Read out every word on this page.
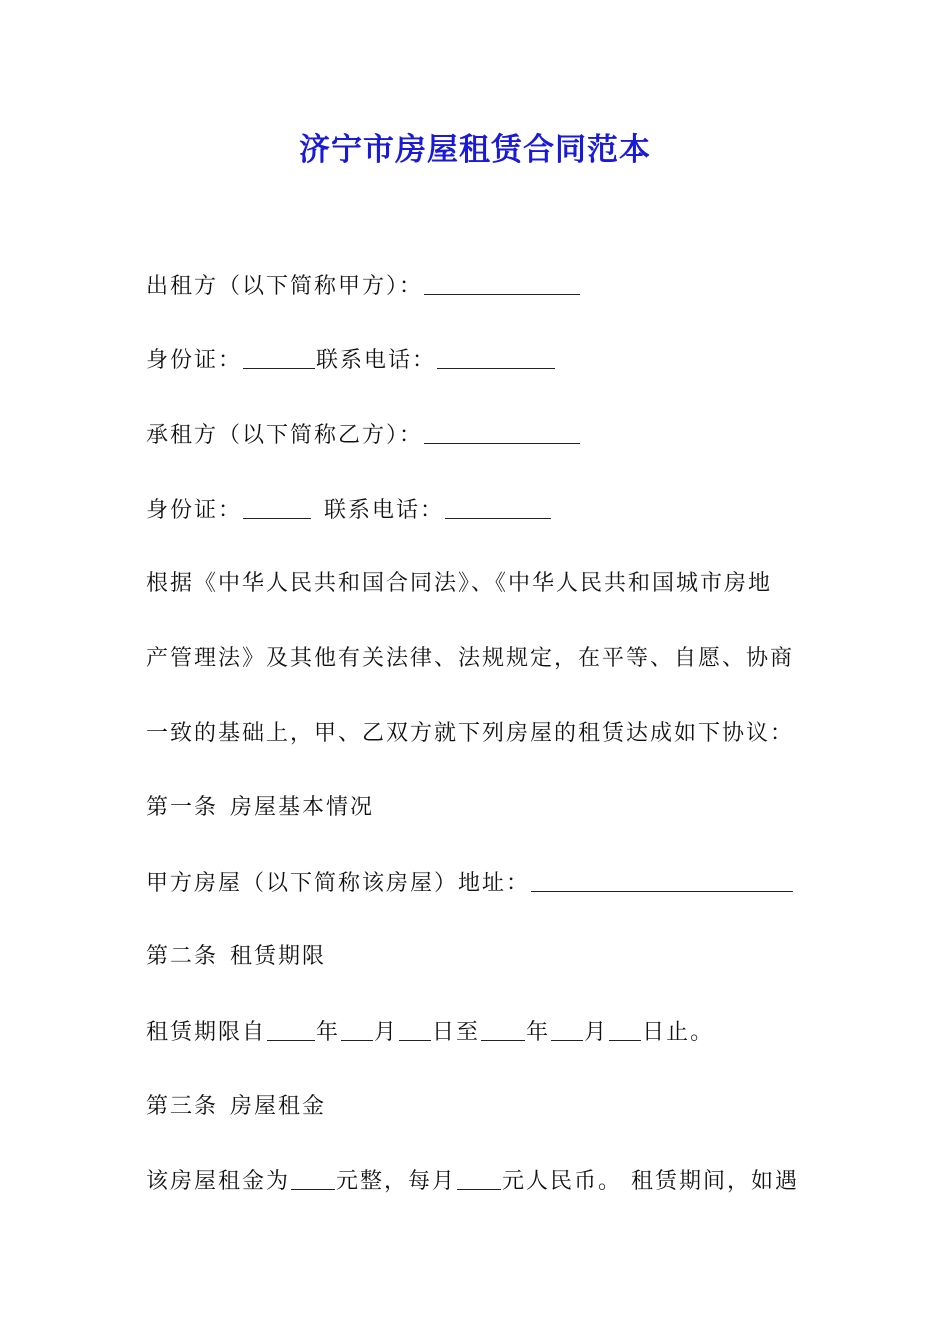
济宁市房屋租赁合同范本
出租方（以下简称甲方）：
身份证：	联系电话：
承租方（以下简称乙方）：
身份证：	联系电话：
根据《中华人民共和国合同法》、《中华人民共和国城市房地
产管理法》及其他有关法律、法规规定，在平等、自愿、协商
一致的基础上，甲、乙双方就下列房屋的租赁达成如下协议：
第一条 房屋基本情况
甲方房屋（以下简称该房屋）地址：
第二条 租赁期限
租赁期限自 年 月 日至 年 月 日止。
第三条 房屋租金
该房屋租金为 元整，每月 元人民币。 租赁期间，如遇
